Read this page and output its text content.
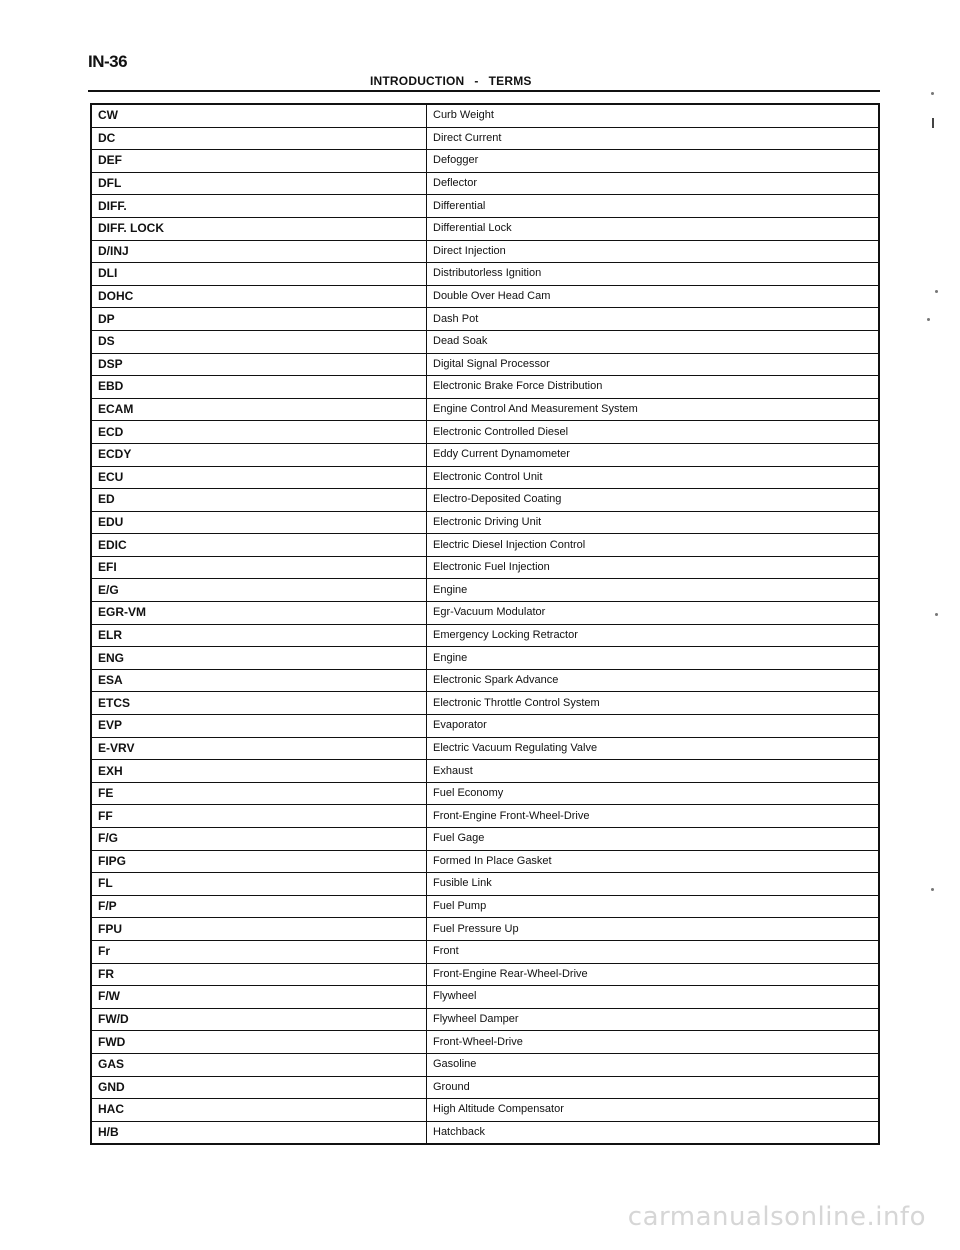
IN-36
INTRODUCTION - TERMS
CW	Curb Weight
DC	Direct Current
DEF	Defogger
DFL	Deflector
DIFF.	Differential
DIFF. LOCK	Differential Lock
D/INJ	Direct Injection
DLI	Distributorless Ignition
DOHC	Double Over Head Cam
DP	Dash Pot
DS	Dead Soak
DSP	Digital Signal Processor
EBD	Electronic Brake Force Distribution
ECAM	Engine Control And Measurement System
ECD	Electronic Controlled Diesel
ECDY	Eddy Current Dynamometer
ECU	Electronic Control Unit
ED	Electro-Deposited Coating
EDU	Electronic Driving Unit
EDIC	Electric Diesel Injection Control
EFI	Electronic Fuel Injection
E/G	Engine
EGR-VM	Egr-Vacuum Modulator
ELR	Emergency Locking Retractor
ENG	Engine
ESA	Electronic Spark Advance
ETCS	Electronic Throttle Control System
EVP	Evaporator
E-VRV	Electric Vacuum Regulating Valve
EXH	Exhaust
FE	Fuel Economy
FF	Front-Engine Front-Wheel-Drive
F/G	Fuel Gage
FIPG	Formed In Place Gasket
FL	Fusible Link
F/P	Fuel Pump
FPU	Fuel Pressure Up
Fr	Front
FR	Front-Engine Rear-Wheel-Drive
F/W	Flywheel
FW/D	Flywheel Damper
FWD	Front-Wheel-Drive
GAS	Gasoline
GND	Ground
HAC	High Altitude Compensator
H/B	Hatchback
carmanualsonline.info
